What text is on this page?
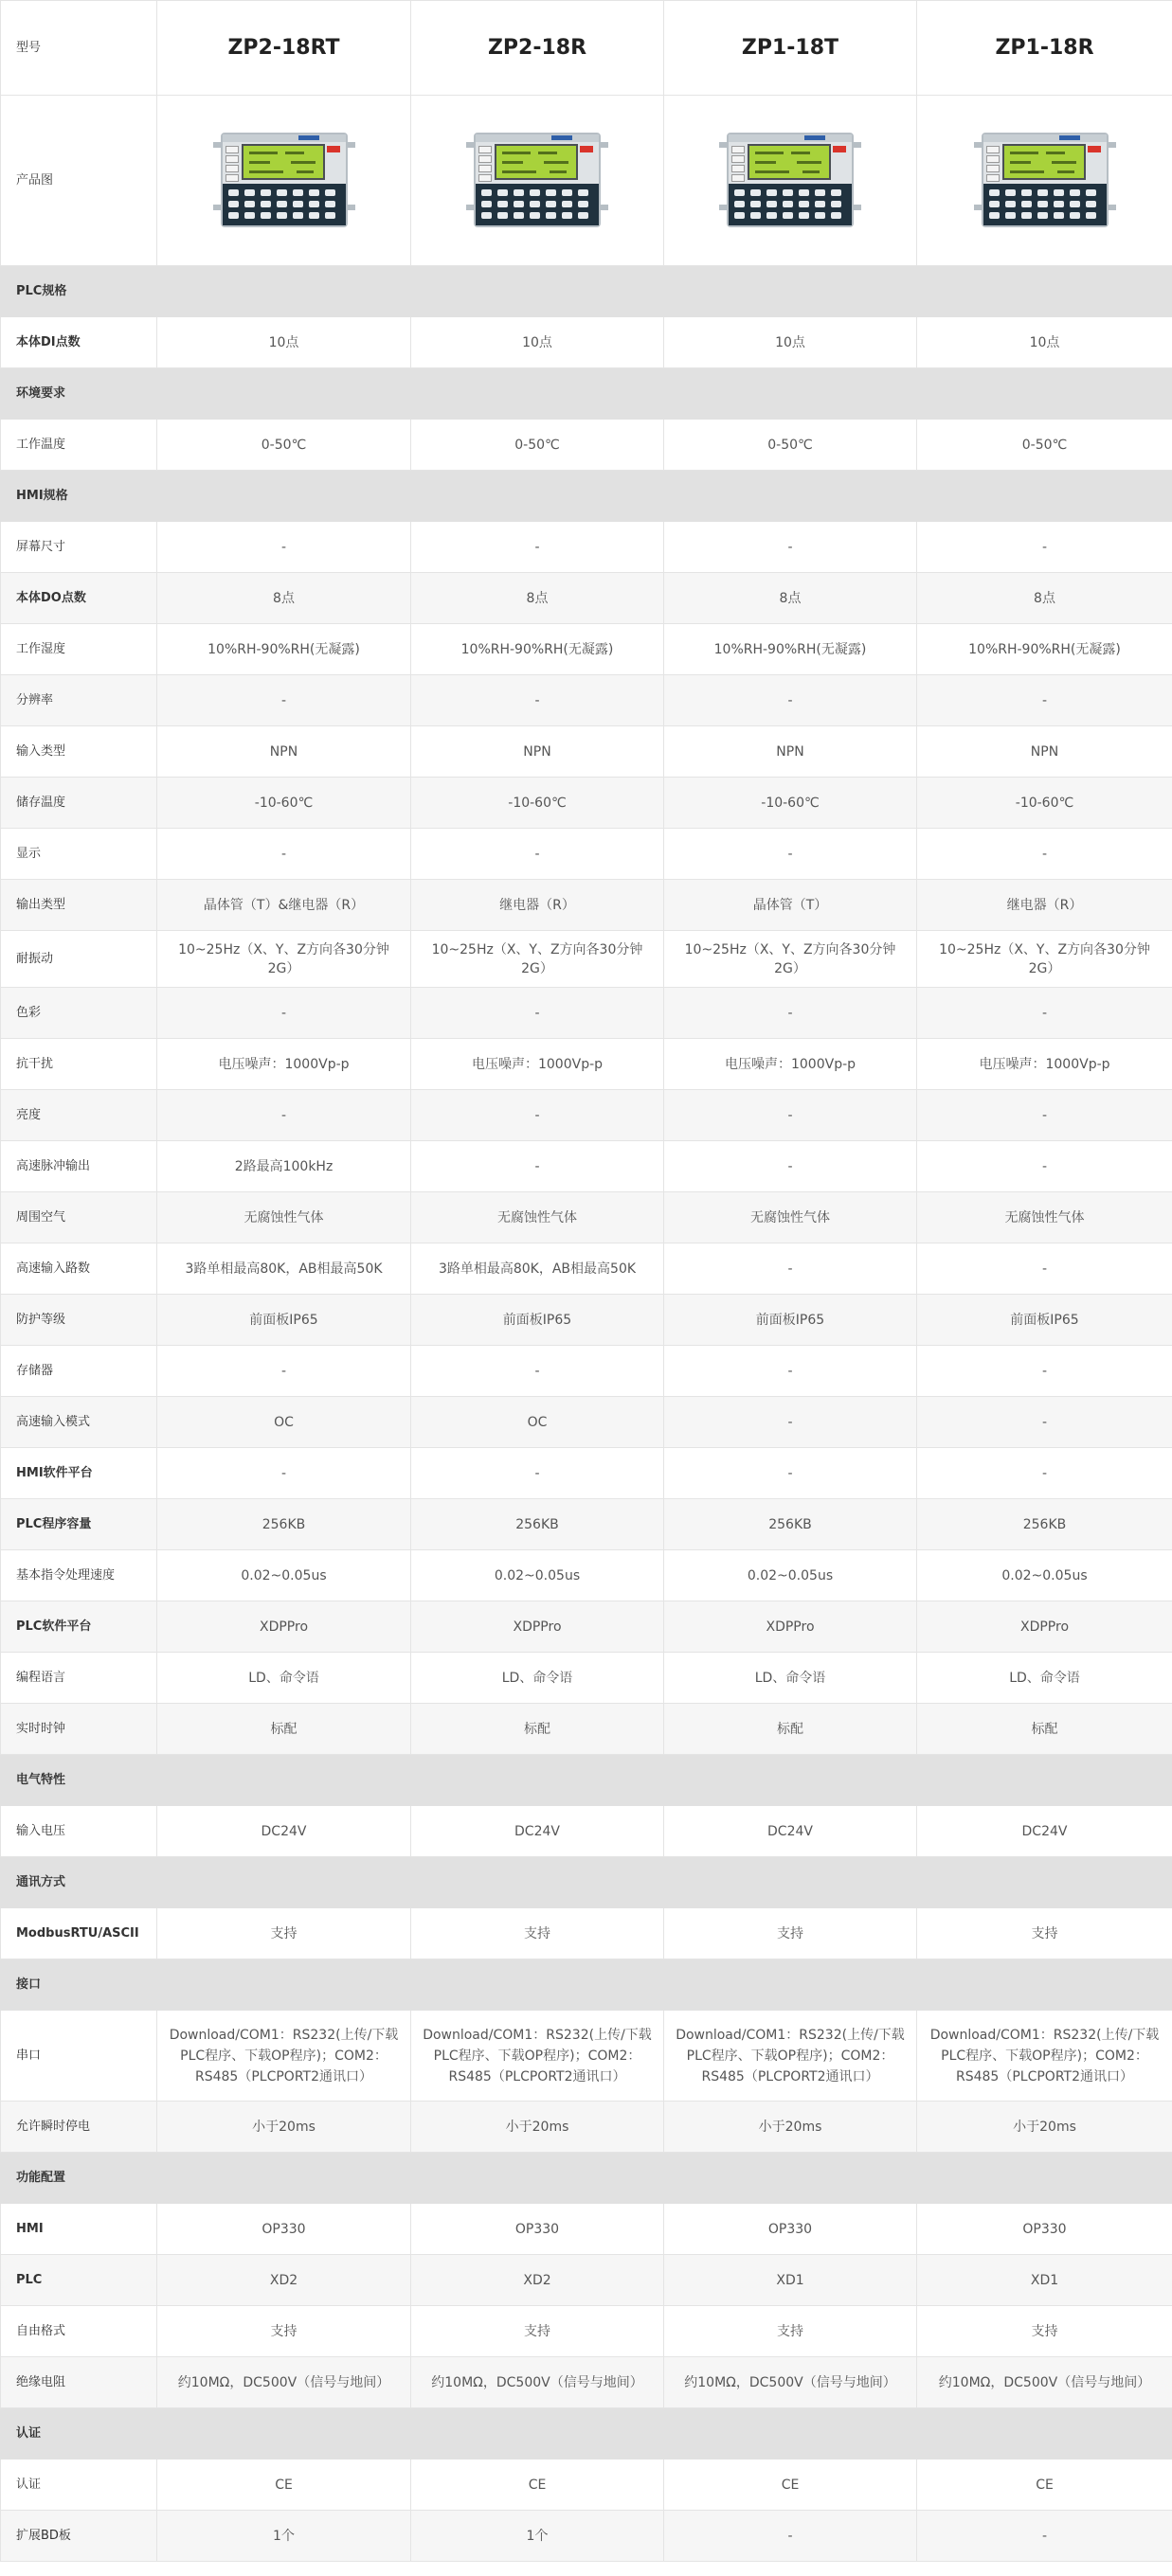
型号	ZP2-18RT	ZP2-18R	ZP1-18T	ZP1-18R
产品图	

PLC规格				
本体DI点数	10点	10点	10点	10点
环境要求				
工作温度	0-50℃	0-50℃	0-50℃	0-50℃
HMI规格				
屏幕尺寸	-	-	-	-
本体DO点数	8点	8点	8点	8点
工作湿度	10%RH-90%RH(无凝露)	10%RH-90%RH(无凝露)	10%RH-90%RH(无凝露)	10%RH-90%RH(无凝露)
分辨率	-	-	-	-
输入类型	NPN	NPN	NPN	NPN
储存温度	-10-60℃	-10-60℃	-10-60℃	-10-60℃
显示	-	-	-	-
输出类型	晶体管（T）&继电器（R）	继电器（R）	晶体管（T）	继电器（R）
耐振动	10~25Hz（X、Y、Z方向各30分钟 2G）	10~25Hz（X、Y、Z方向各30分钟 2G）	10~25Hz（X、Y、Z方向各30分钟 2G）	10~25Hz（X、Y、Z方向各30分钟 2G）
色彩	-	-	-	-
抗干扰	电压噪声：1000Vp-p	电压噪声：1000Vp-p	电压噪声：1000Vp-p	电压噪声：1000Vp-p
亮度	-	-	-	-
高速脉冲输出	2路最高100kHz	-	-	-
周围空气	无腐蚀性气体	无腐蚀性气体	无腐蚀性气体	无腐蚀性气体
高速输入路数	3路单相最高80K，AB相最高50K	3路单相最高80K，AB相最高50K	-	-
防护等级	前面板IP65	前面板IP65	前面板IP65	前面板IP65
存储器	-	-	-	-
高速输入模式	OC	OC	-	-
HMI软件平台	-	-	-	-
PLC程序容量	256KB	256KB	256KB	256KB
基本指令处理速度	0.02~0.05us	0.02~0.05us	0.02~0.05us	0.02~0.05us
PLC软件平台	XDPPro	XDPPro	XDPPro	XDPPro
编程语言	LD、命令语	LD、命令语	LD、命令语	LD、命令语
实时时钟	标配	标配	标配	标配
电气特性				
输入电压	DC24V	DC24V	DC24V	DC24V
通讯方式				
ModbusRTU/ASCII	支持	支持	支持	支持
接口				
串口	Download/COM1：RS232(上传/下载PLC程序、下载OP程序)；COM2：RS485（PLCPORT2通讯口）	Download/COM1：RS232(上传/下载PLC程序、下载OP程序)；COM2：RS485（PLCPORT2通讯口）	Download/COM1：RS232(上传/下载PLC程序、下载OP程序)；COM2：RS485（PLCPORT2通讯口）	Download/COM1：RS232(上传/下载PLC程序、下载OP程序)；COM2：RS485（PLCPORT2通讯口）
允许瞬时停电	小于20ms	小于20ms	小于20ms	小于20ms
功能配置				
HMI	OP330	OP330	OP330	OP330
PLC	XD2	XD2	XD1	XD1
自由格式	支持	支持	支持	支持
绝缘电阻	约10MΩ，DC500V（信号与地间）	约10MΩ，DC500V（信号与地间）	约10MΩ，DC500V（信号与地间）	约10MΩ，DC500V（信号与地间）
认证				
认证	CE	CE	CE	CE
扩展BD板	1个	1个	-	-
